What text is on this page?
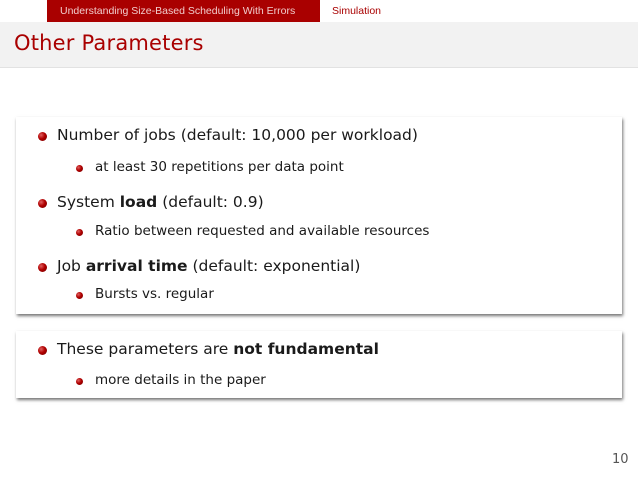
Understanding Size-Based Scheduling With Errors	Simulation
Other Parameters
Number of jobs (default: 10,000 per workload)
at least 30 repetitions per data point
System load (default: 0.9)
Ratio between requested and available resources
Job arrival time (default: exponential)
Bursts vs. regular
These parameters are not fundamental
more details in the paper
10
